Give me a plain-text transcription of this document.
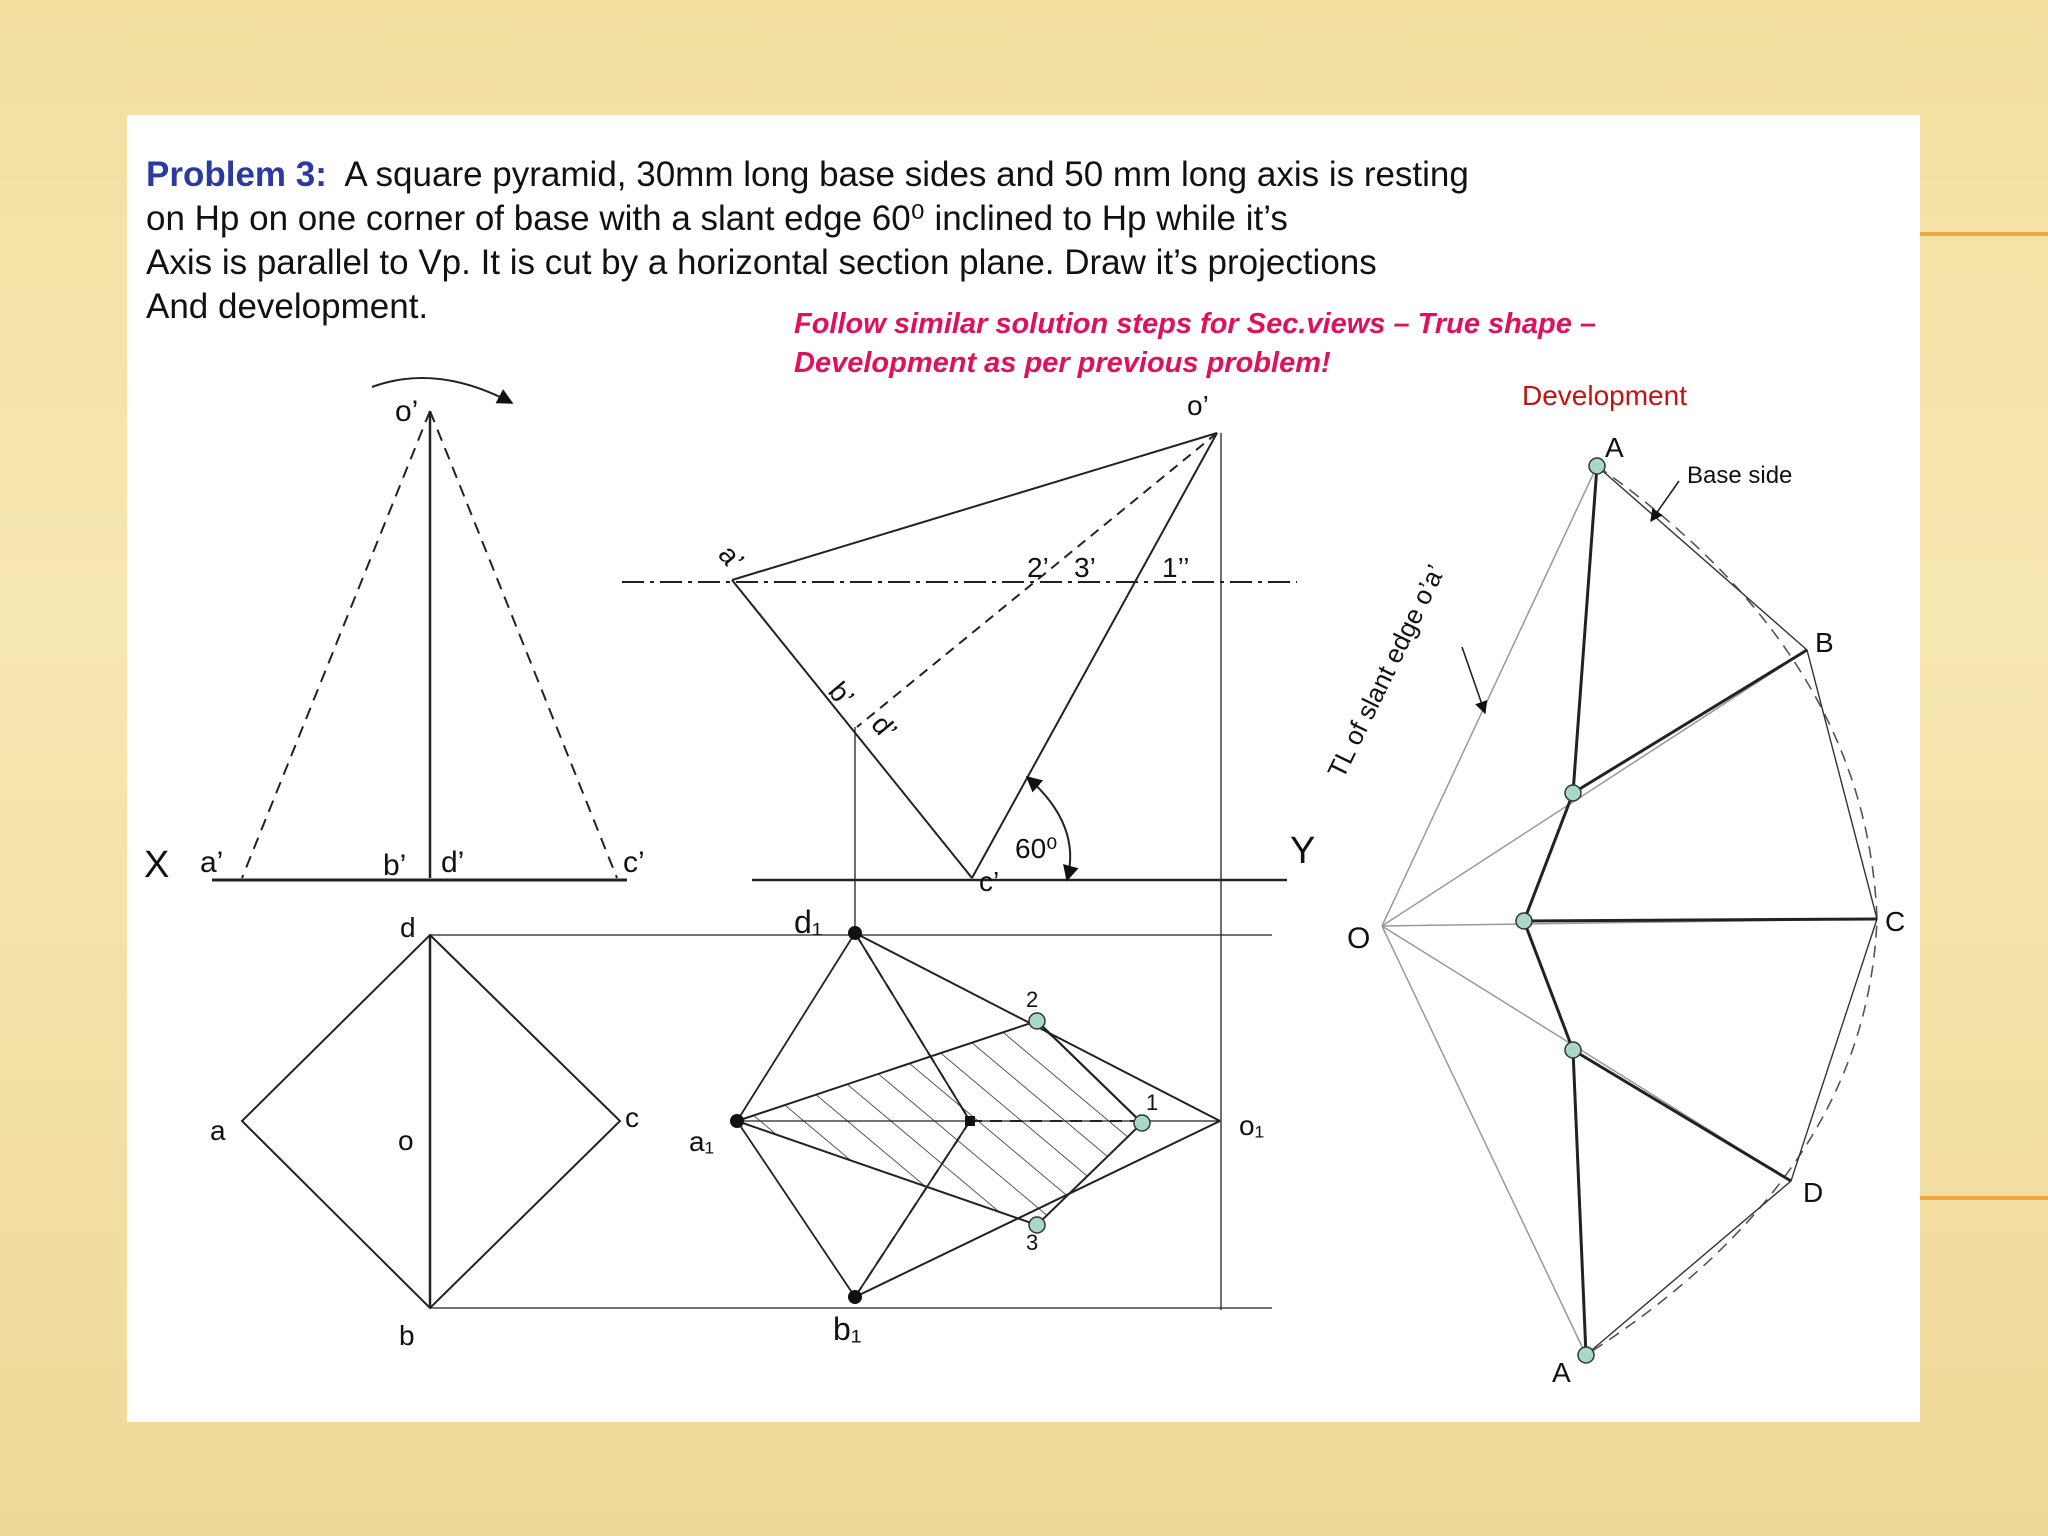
Problem 3: A square pyramid, 30mm long base sides and 50 mm long axis is resting
on Hp on one corner of base with a slant edge 60⁰ inclined to Hp while it’s
Axis is parallel to Vp. It is cut by a horizontal section plane. Draw it’s projections
And development.	Follow similar solution steps for Sec.views – True shape –
Development as per previous problem!
o’
X a’	b’ d’	c’
o’
a’
b’
d’
c’
2’ 3’ 1’’
60⁰	Y
d
a	o
c
b
d₁
a₁
b₁
o₁
1
2
3
Development
Base side
TL of slant edge o’a’
A
B
C
D
A
O
